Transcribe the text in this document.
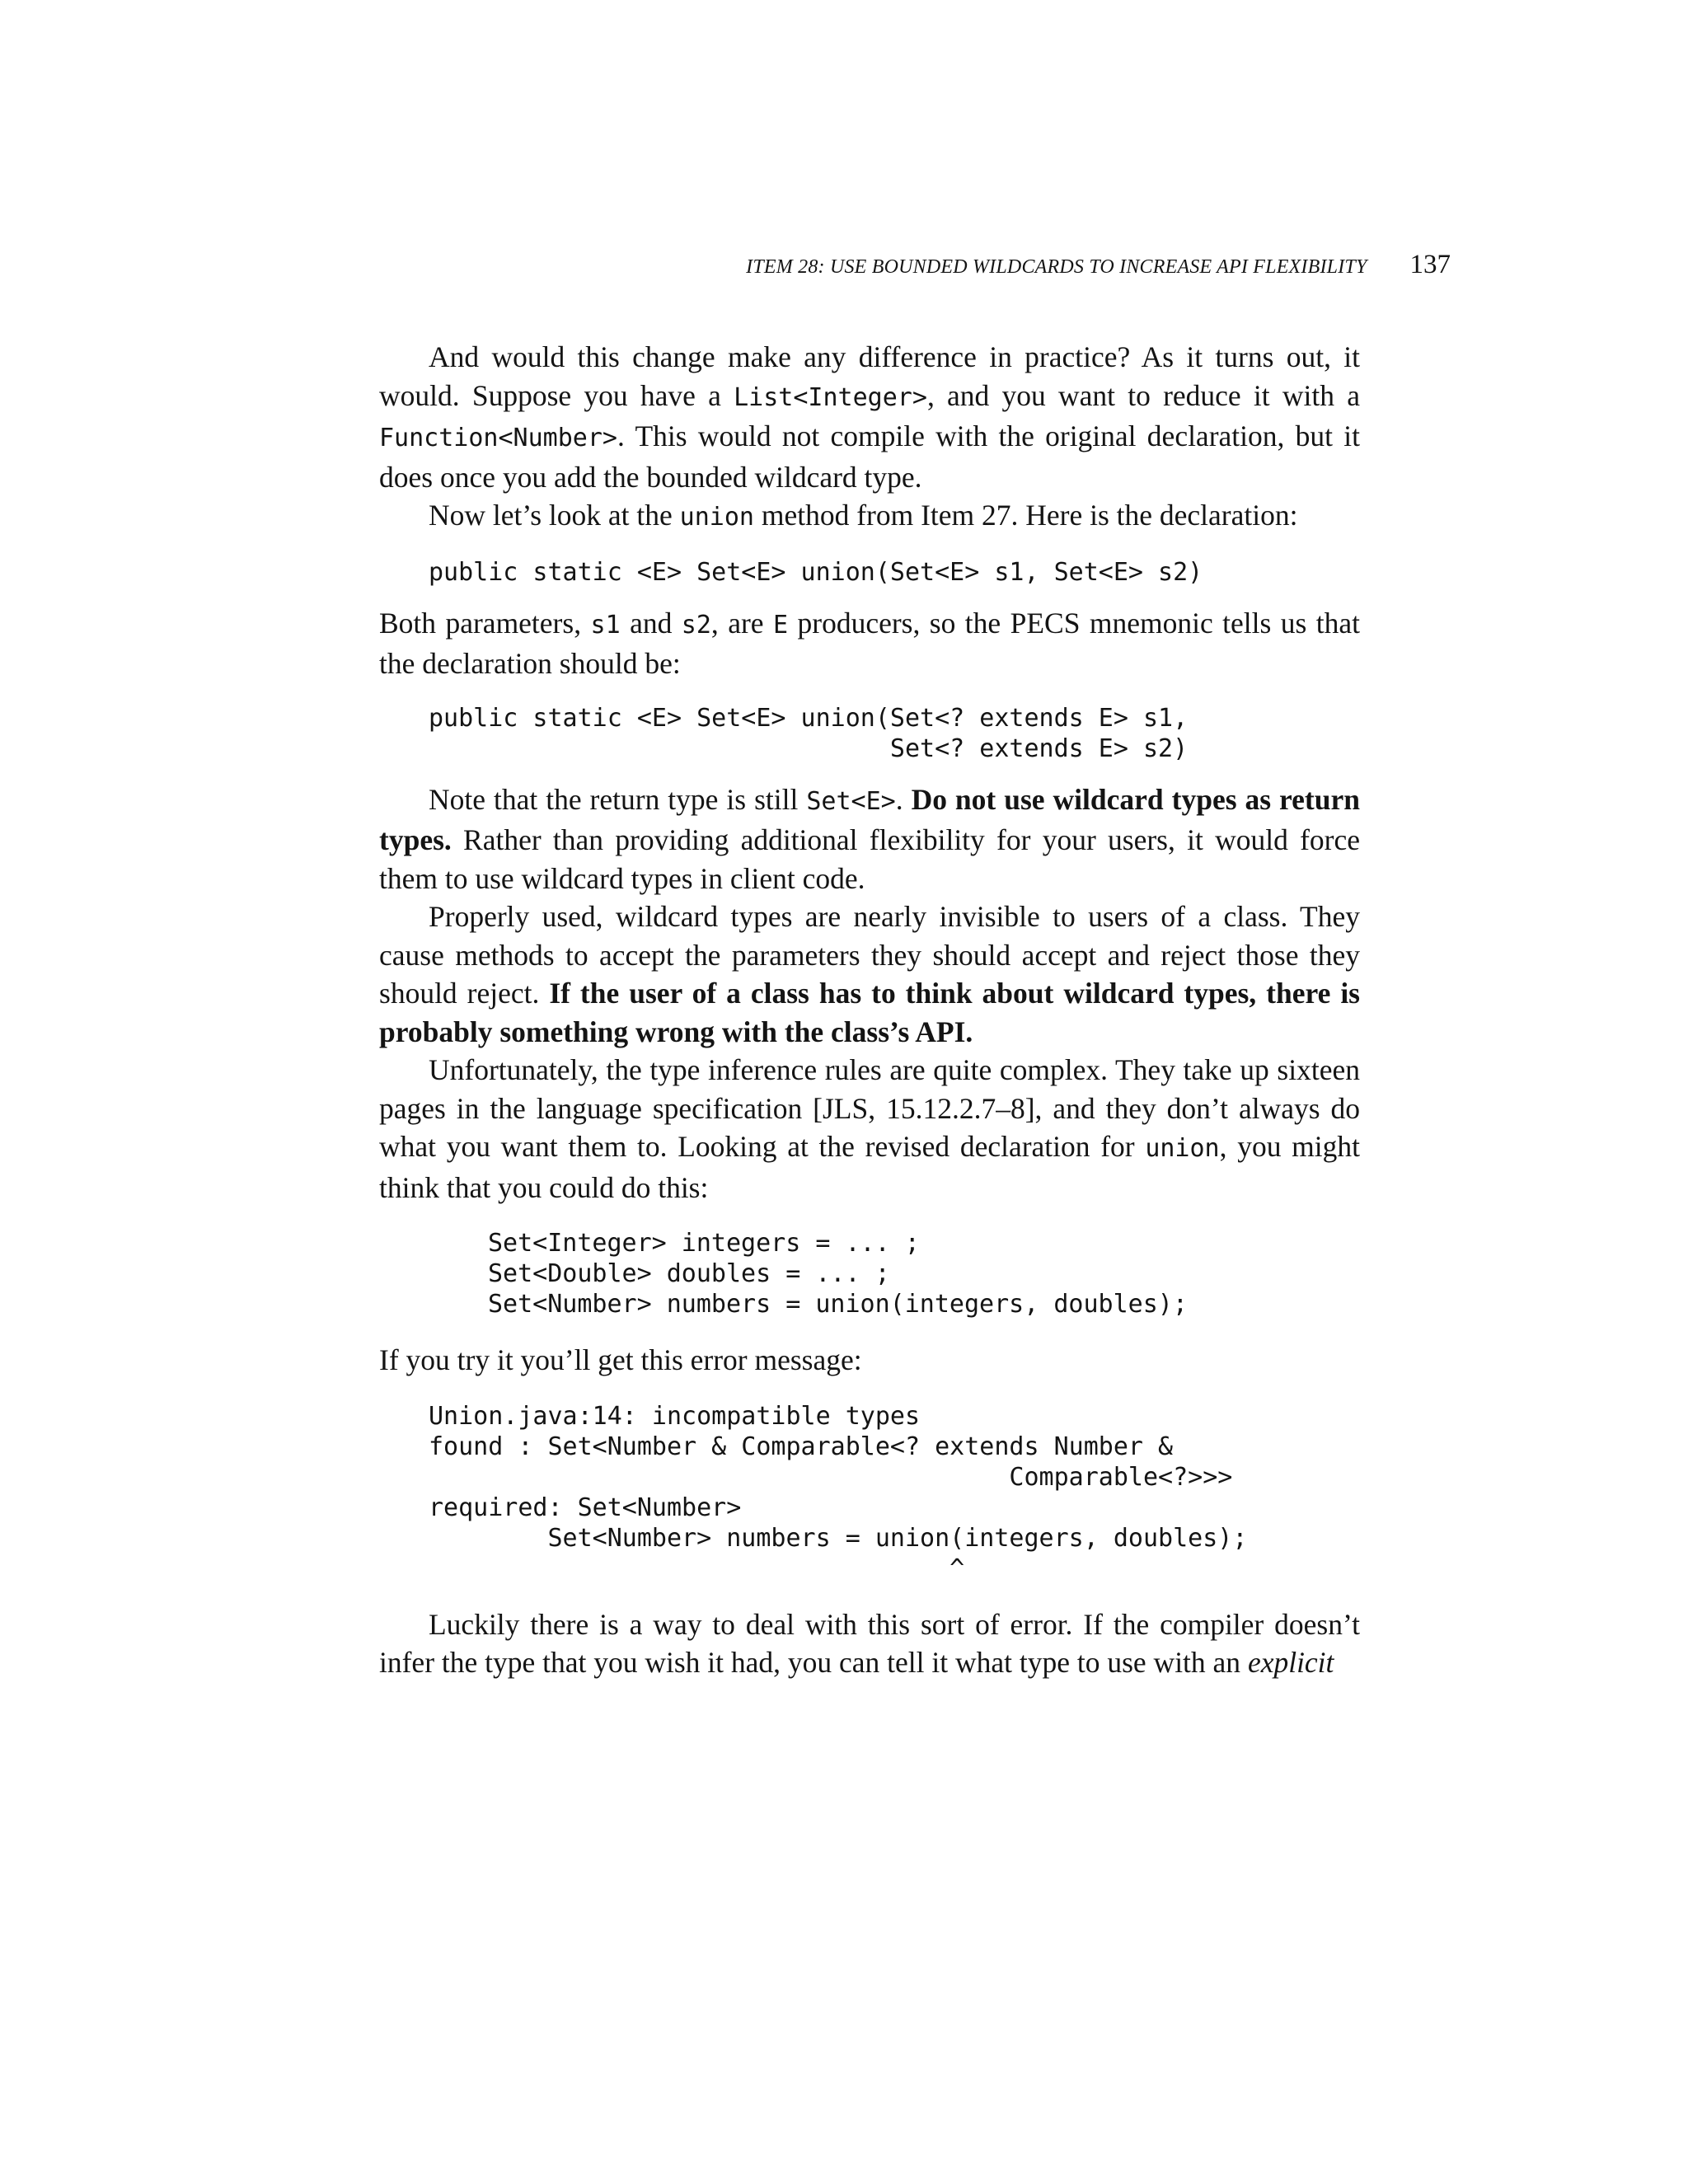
ITEM 28: USE BOUNDED WILDCARDS TO INCREASE API FLEXIBILITY 137

And would this change make any difference in practice? As it turns out, it would. Suppose you have a List<Integer>, and you want to reduce it with a Function<Number>. This would not compile with the original declaration, but it does once you add the bounded wildcard type.

Now let’s look at the union method from Item 27. Here is the declaration:

public static <E> Set<E> union(Set<E> s1, Set<E> s2)

Both parameters, s1 and s2, are E producers, so the PECS mnemonic tells us that the declaration should be:

public static <E> Set<E> union(Set<? extends E> s1,
Set<? extends E> s2)

Note that the return type is still Set<E>. Do not use wildcard types as return types. Rather than providing additional flexibility for your users, it would force them to use wildcard types in client code.

Properly used, wildcard types are nearly invisible to users of a class. They cause methods to accept the parameters they should accept and reject those they should reject. If the user of a class has to think about wildcard types, there is probably something wrong with the class’s API.

Unfortunately, the type inference rules are quite complex. They take up sixteen pages in the language specification [JLS, 15.12.2.7–8], and they don’t always do what you want them to. Looking at the revised declaration for union, you might think that you could do this:

Set<Integer> integers = ... ;
Set<Double> doubles = ... ;
Set<Number> numbers = union(integers, doubles);

If you try it you’ll get this error message:

Union.java:14: incompatible types
found : Set<Number & Comparable<? extends Number &
Comparable<?>>>
required: Set<Number>
Set<Number> numbers = union(integers, doubles);
^

Luckily there is a way to deal with this sort of error. If the compiler doesn’t infer the type that you wish it had, you can tell it what type to use with an explicit
